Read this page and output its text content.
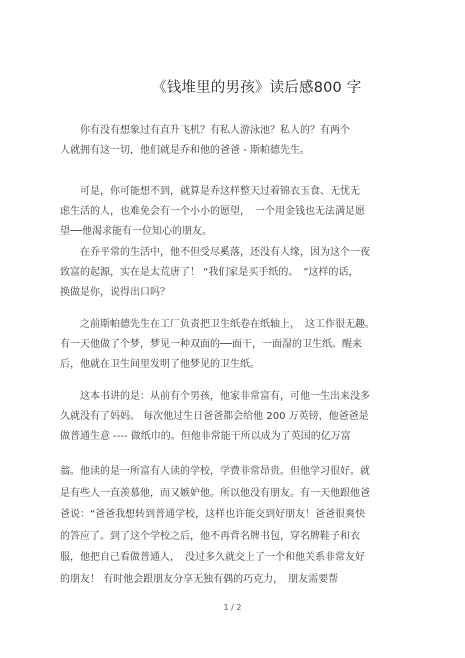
《钱堆里的男孩》读后感800 字

　　你有没有想象过有直升飞机？有私人游泳池？私人的？有两个
人就拥有这一切，他们就是乔和他的爸爸 - 斯帕德先生。

　　可是，你可能想不到，就算是乔这样整天过着锦衣玉食、无忧无
虑生活的人，也难免会有一个小小的愿望，　一个用金钱也无法满足愿
望──他渴求能有一位知心的朋友。

　　在乔平常的生活中，他不但受尽奚落，还没有人缘，因为这个一夜
致富的起源，实在是太荒唐了！ “我们家是买手纸的。　”这样的话，
换做是你，说得出口吗？

　　之前斯帕德先生在工厂负责把卫生纸卷在纸轴上，　这工作很无趣。
有一天他做了个梦，梦见一种双面的──面干，一面湿的卫生纸。醒来
后，他就在卫生间里发明了他梦见的卫生纸。

　　这本书讲的是：从前有个男孩，他家非常富有，可他一生出来没多
久就没有了妈妈。 每次他过生日爸爸都会给他 200 万英镑，他爸爸是
做普通生意 ---- 做纸巾的。但他非常能干所以成为了英国的亿万富

翁。他读的是一所富有人读的学校，学费非常昂贵。但他学习很好。就
是有些人一直羡慕他，而又嫉妒他。所以他没有朋友。有一天他跟他爸
爸说：“爸爸我想转到普通学校，这样也许能交到好朋友！爸爸很爽快
的答应了。到了这个学校之后，他不再背名牌书包，穿名牌鞋子和衣
服，他把自己看做普通人，　没过多久就交上了一个和他关系非常友好
的朋友！ 有时他会跟朋友分享无独有偶的巧克力，　朋友需要帮

1 / 2
